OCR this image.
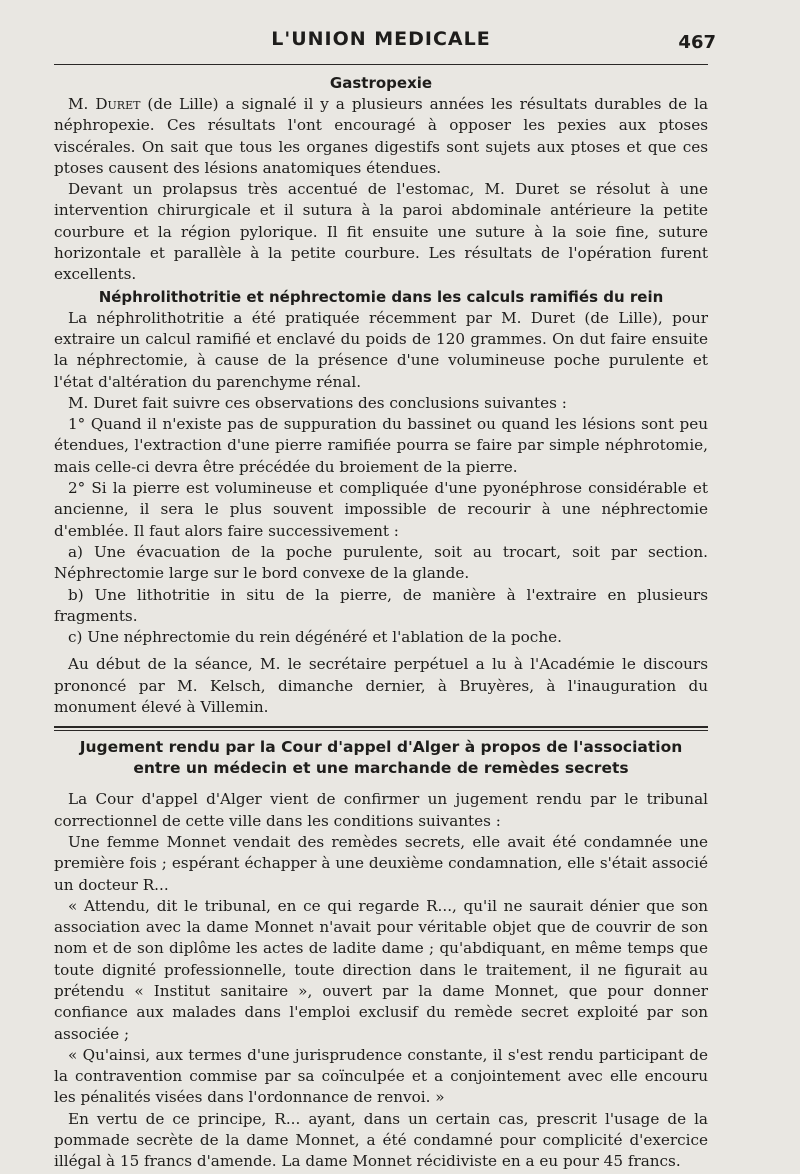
L'UNION MEDICALE	467
Gastropexie

M. Duret (de Lille) a signalé il y a plusieurs années les résultats durables de la néphropexie. Ces résultats l'ont encouragé à opposer les pexies aux ptoses viscérales. On sait que tous les organes digestifs sont sujets aux ptoses et que ces ptoses causent des lésions anatomiques étendues.

Devant un prolapsus très accentué de l'estomac, M. Duret se résolut à une intervention chirurgicale et il sutura à la paroi abdominale antérieure la petite courbure et la région pylorique. Il fit ensuite une suture à la soie fine, suture horizontale et parallèle à la petite courbure. Les résultats de l'opération furent excellents.

Néphrolithotritie et néphrectomie dans les calculs ramifiés du rein

La néphrolithotritie a été pratiquée récemment par M. Duret (de Lille), pour extraire un calcul ramifié et enclavé du poids de 120 grammes. On dut faire ensuite la néphrectomie, à cause de la présence d'une volumineuse poche purulente et l'état d'altération du parenchyme rénal.

M. Duret fait suivre ces observations des conclusions suivantes :

1° Quand il n'existe pas de suppuration du bassinet ou quand les lésions sont peu étendues, l'extraction d'une pierre ramifiée pourra se faire par simple néphrotomie, mais celle-ci devra être précédée du broiement de la pierre.

2° Si la pierre est volumineuse et compliquée d'une pyonéphrose considérable et ancienne, il sera le plus souvent impossible de recourir à une néphrectomie d'emblée. Il faut alors faire successivement :

a) Une évacuation de la poche purulente, soit au trocart, soit par section. Néphrectomie large sur le bord convexe de la glande.

b) Une lithotritie in situ de la pierre, de manière à l'extraire en plusieurs fragments.

c) Une néphrectomie du rein dégénéré et l'ablation de la poche.

Au début de la séance, M. le secrétaire perpétuel a lu à l'Académie le discours prononcé par M. Kelsch, dimanche dernier, à Bruyères, à l'inauguration du monument élevé à Villemin.

Jugement rendu par la Cour d'appel d'Alger à propos de l'association entre un médecin et une marchande de remèdes secrets

La Cour d'appel d'Alger vient de confirmer un jugement rendu par le tribunal correctionnel de cette ville dans les conditions suivantes :

Une femme Monnet vendait des remèdes secrets, elle avait été condamnée une première fois ; espérant échapper à une deuxième condamnation, elle s'était associé un docteur R...

« Attendu, dit le tribunal, en ce qui regarde R..., qu'il ne saurait dénier que son association avec la dame Monnet n'avait pour véritable objet que de couvrir de son nom et de son diplôme les actes de ladite dame ; qu'abdiquant, en même temps que toute dignité professionnelle, toute direction dans le traitement, il ne figurait au prétendu « Institut sanitaire », ouvert par la dame Monnet, que pour donner confiance aux malades dans l'emploi exclusif du remède secret exploité par son associée ;

« Qu'ainsi, aux termes d'une jurisprudence constante, il s'est rendu participant de la contravention commise par sa coïnculpée et a conjointement avec elle encouru les pénalités visées dans l'ordonnance de renvoi. »

En vertu de ce principe, R... ayant, dans un certain cas, prescrit l'usage de la pommade secrète de la dame Monnet, a été condamné pour complicité d'exercice illégal à 15 francs d'amende. La dame Monnet récidiviste en a eu pour 45 francs.
